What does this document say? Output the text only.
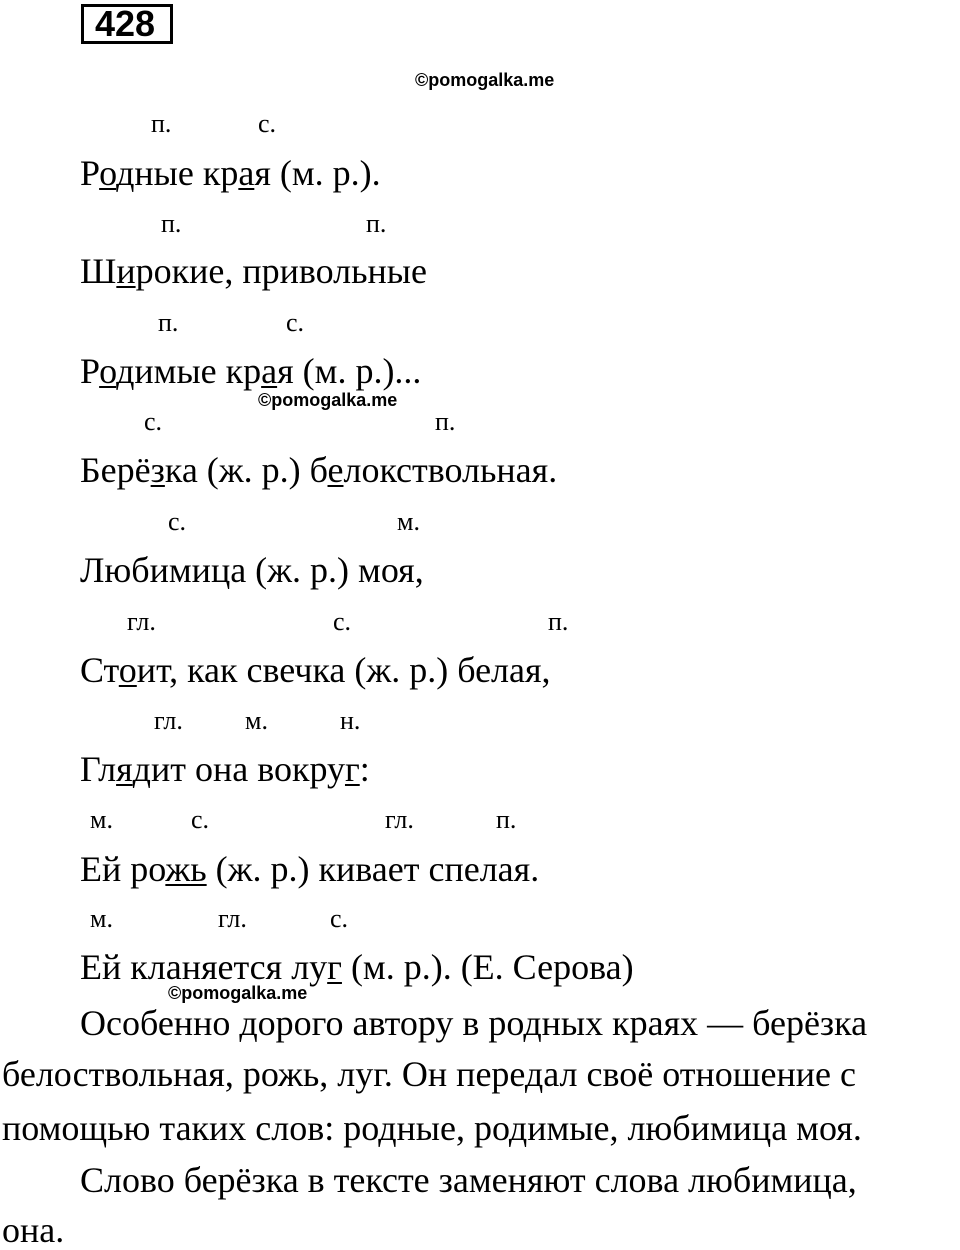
428
©pomogalka.me
©pomogalka.me
©pomogalka.me
п.	с.
Родные края (м. р.).
п.	п.
Широкие, привольные
п.	с.
Родимые края (м. р.)...
с.	п.
Берёзка (ж. р.) белокствольная.
с.	м.
Любимица (ж. р.) моя,
гл.	с.	п.
Стоит, как свечка (ж. р.) белая,
гл. м.	н.
Глядит она вокруг:
м.	с.	гл.	п.
Ей рожь (ж. р.) кивает спелая.
м.	гл.	с.
Ей кланяется луг (м. р.). (Е. Серова)
Особенно дорого автору в родных краях — берёзка
белоствольная, рожь, луг. Он передал своё отношение с
помощью таких слов: родные, родимые, любимица моя.
Слово берёзка в тексте заменяют слова любимица,
она.
